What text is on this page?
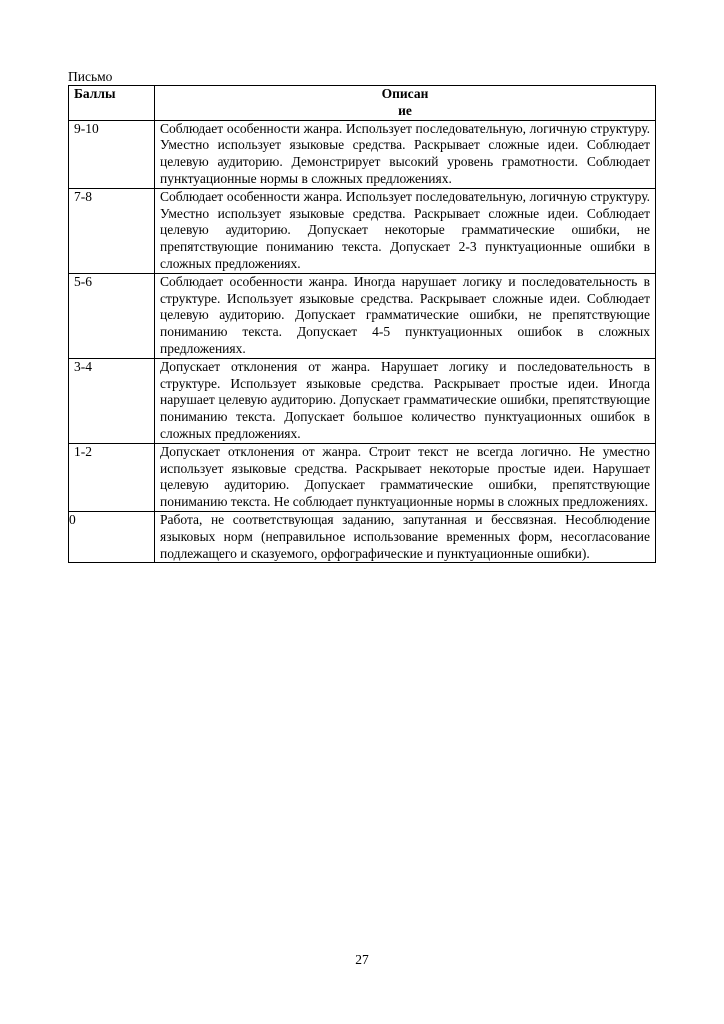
Письмо
Баллы	Описание

9-10	Соблюдает особенности жанра. Использует последовательную, логичную структуру. Уместно использует языковые средства. Раскрывает сложные идеи. Соблюдает целевую аудиторию. Демонстрирует высокий уровень грамотности. Соблюдает пунктуационные нормы в сложных предложениях.
7-8	Соблюдает особенности жанра. Использует последовательную, логичную структуру. Уместно использует языковые средства. Раскрывает сложные идеи. Соблюдает целевую аудиторию. Допускает некоторые грамматические ошибки, не препятствующие пониманию текста. Допускает 2-3 пунктуационные ошибки в сложных предложениях.
5-6	Соблюдает особенности жанра. Иногда нарушает логику и последовательность в структуре. Использует языковые средства. Раскрывает сложные идеи. Соблюдает целевую аудиторию. Допускает грамматические ошибки, не препятствующие пониманию текста. Допускает 4-5 пунктуационных ошибок в сложных предложениях.
3-4	Допускает отклонения от жанра. Нарушает логику и последовательность в структуре. Использует языковые средства. Раскрывает простые идеи. Иногда нарушает целевую аудиторию. Допускает грамматические ошибки, препятствующие пониманию текста. Допускает большое количество пунктуационных ошибок в сложных предложениях.
1-2	Допускает отклонения от жанра. Строит текст не всегда логично. Не уместно использует языковые средства. Раскрывает некоторые простые идеи. Нарушает целевую аудиторию. Допускает грамматические ошибки, препятствующие пониманию текста. Не соблюдает пунктуационные нормы в сложных предложениях.
0	Работа, не соответствующая заданию, запутанная и бессвязная. Несоблюдение языковых норм (неправильное использование временных форм, несогласование подлежащего и сказуемого, орфографические и пунктуационные ошибки).
27
